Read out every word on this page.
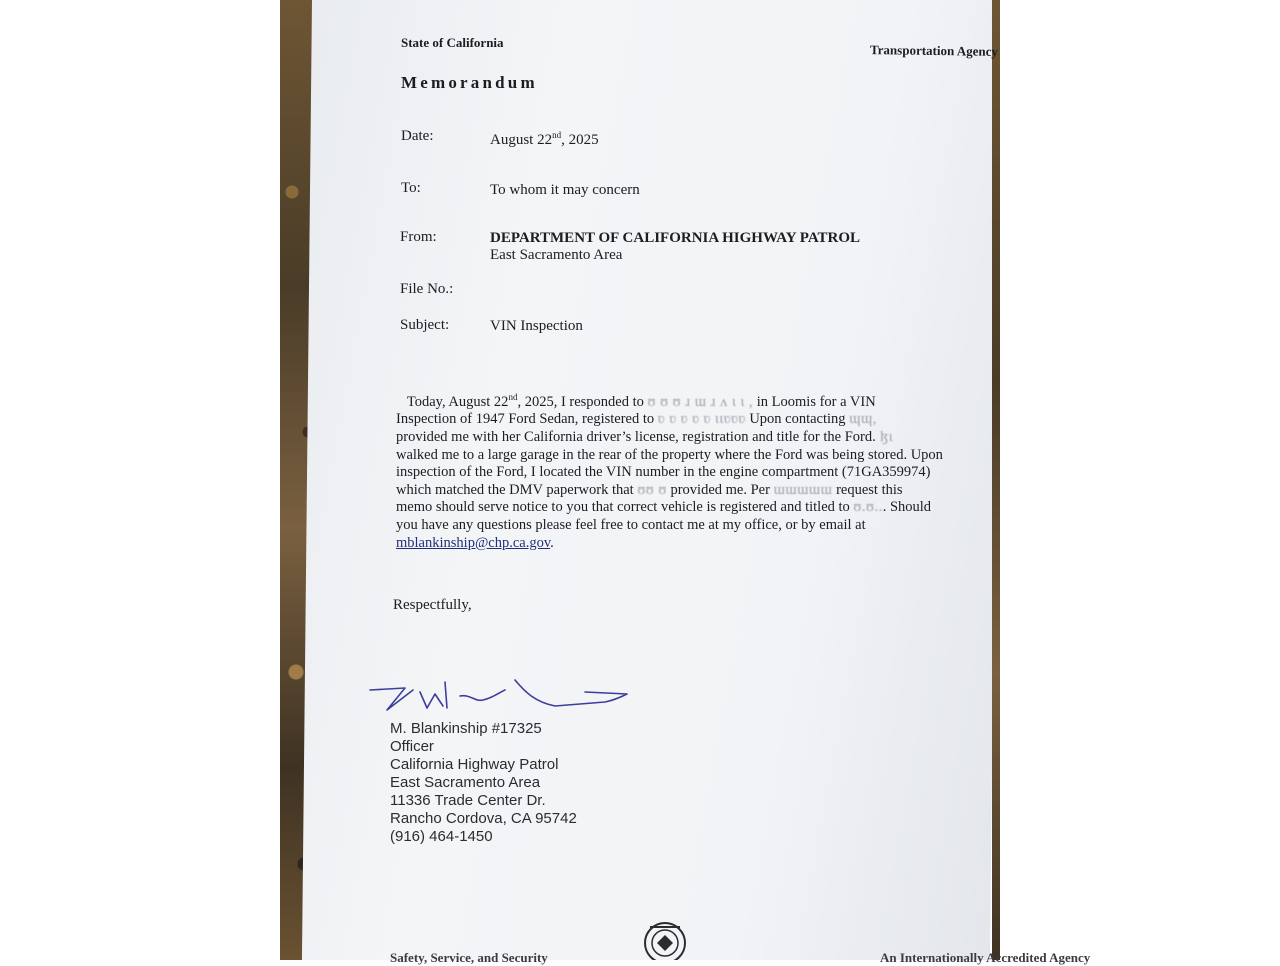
State of California	Transportation Agency
Memorandum
Date:	August 22nd, 2025
To:	To whom it may concern
From:	DEPARTMENT OF CALIFORNIA HIGHWAY PATROL
East Sacramento Area
File No.:
Subject:	VIN Inspection
Today, August 22nd, 2025, I responded to ʊ ʊ ʊ ɹ ɯ ɹ ʌ ɩ ɩ , in Loomis for a VIN
Inspection of 1947 Ford Sedan, registered to ʋ ʋ ʋ ʋ ʋ ɩɩʋʋʋ Upon contacting ɰɰ,
provided me with her California driver’s license, registration and title for the Ford. ɮɩ
walked me to a large garage in the rear of the property where the Ford was being stored. Upon
inspection of the Ford, I located the VIN number in the engine compartment (71GA359974)
which matched the DMV paperwork that ʊʊ ʊ provided me. Per ɯɯɯɯɯ request this
memo should serve notice to you that correct vehicle is registered and titled to ʊ.ʊ... Should
you have any questions please feel free to contact me at my office, or by email at
mblankinship@chp.ca.gov.
Respectfully,
M. Blankinship #17325
Officer
California Highway Patrol
East Sacramento Area
11336 Trade Center Dr.
Rancho Cordova, CA 95742
(916) 464-1450
Safety, Service, and Security	An Internationally Accredited Agency
